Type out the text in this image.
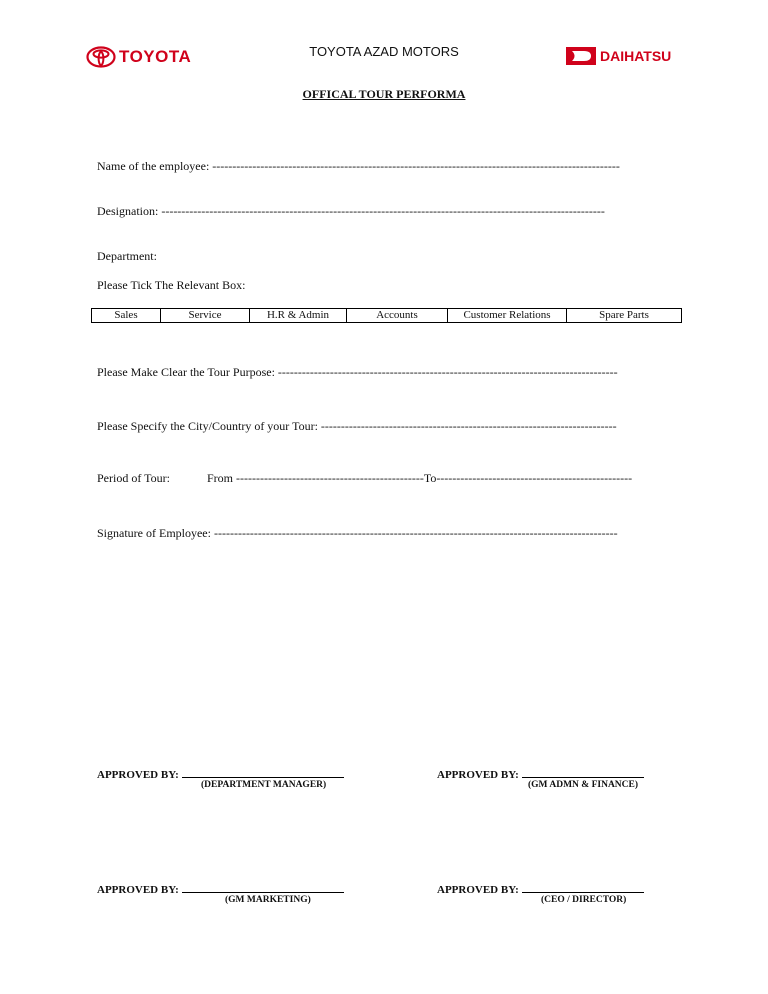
TOYOTA	TOYOTA AZAD MOTORS	DAIHATSU
OFFICAL TOUR PERFORMA
Name of the employee: ------------------------------------------------------------------------------------------------------
Designation: ---------------------------------------------------------------------------------------------------------------
Department:
Please Tick The Relevant Box:
Sales	Service	H.R & Admin	Accounts	Customer Relations	Spare Parts
Please Make Clear the Tour Purpose: -------------------------------------------------------------------------------------
Please Specify the City/Country of your Tour: --------------------------------------------------------------------------
Period of Tour:	From -----------------------------------------------To-------------------------------------------------
Signature of Employee: -----------------------------------------------------------------------------------------------------
APPROVED BY:
(DEPARTMENT MANAGER)
APPROVED BY:
(GM ADMN & FINANCE)
APPROVED BY:
(GM MARKETING)
APPROVED BY:
(CEO / DIRECTOR)
